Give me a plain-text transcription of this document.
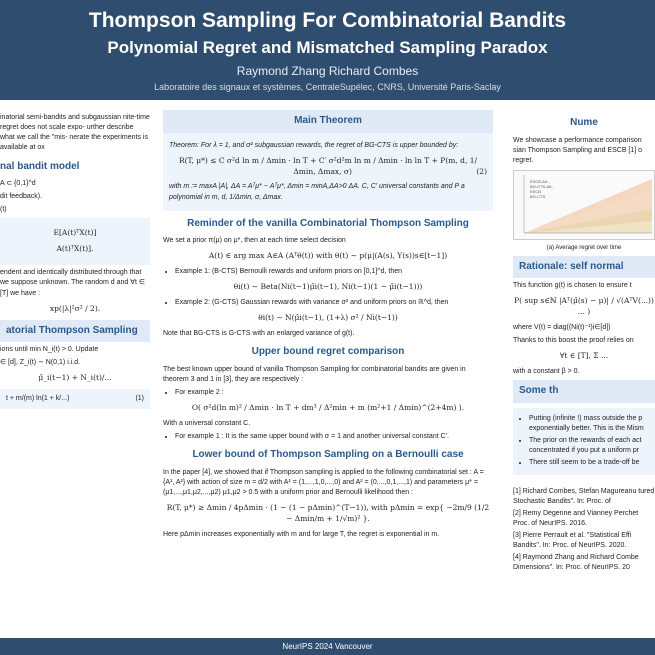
Thompson Sampling For Combinatorial Bandits
Polynomial Regret and Mismatched Sampling Paradox
Raymond Zhang Richard Combes
Laboratoire des signaux et systèmes, CentraleSupélec, CNRS, Université Paris-Saclay
inatorial semi-bandits and subgaussian nite-time regret does not scale expo- urther describe what we call the "mis- nerate the experiments is available at ox
nal bandit model
A ⊂ {0,1}^d
dit feedback).
(t)
E[A(t)ᵀX(t)]
A(t)ᵀX(t)].
endent and identically distributed through that we suppose unknown. The random d and ∀t ∈ [T] we have :
xp(|λ|²σ² / 2).
atorial Thompson Sampling
ions until min N_i(t) > 0. Update
∈ [d], Z_i(t) ∼ N(0,1) i.i.d.
μ̂_i(t−1) + N_i(t)/...
t + m/(m) ln(1 + k/...)	(1)
Main Theorem
Theorem: For λ = 1, and σ² subgaussian rewards, the regret of BG-CTS is upper bounded by:
R(T, μ*) ≤ C σ²d ln m / Δmin · ln T + C′ σ²d²m ln m / Δmin · ln ln T + P(m, d, 1/Δmin, Δmax, σ)	(2)
with m := maxA |A|, ΔA = Aᵀμ* − Aᵀμ*, Δmin = minA,ΔA>0 ΔA. C, C′ universal constants and P a polynomial in m, d, 1/Δmin, σ, Δmax.
Reminder of the vanilla Combinatorial Thompson Sampling
We set a prior π(μ) on μ*, then at each time select decision
A(t) ∈ arg max A∈A (Aᵀθ(t)) with θ(t) ∼ p(μ|(A(s), Y(s))s∈[t−1])
• Example 1: (B-CTS) Bernoulli rewards and uniform priors on [0,1]^d, then
θi(t) ∼ Beta(Ni(t−1)μ̂i(t−1), Ni(t−1)(1 − μ̂i(t−1)))
• Example 2: (G-CTS) Gaussian rewards with variance σ² and uniform priors on ℝ^d, then
θi(t) ∼ N(μ̂i(t−1), (1+λ) σ² / Ni(t−1))
Note that BG-CTS is G-CTS with an enlarged variance of g(t).
Upper bound regret comparison
The best known upper bound of vanilla Thompson Sampling for combinatorial bandits are given in theorem 3 and 1 in [3], they are respectively :
• For example 2 :
O( σ²d(ln m)² / Δmin · ln T + dm³ / Δ²min + m (m²+1 / Δmin)^(2+4m) ).
With a universal constant C.
• For example 1 : It is the same upper bound with σ = 1 and another universal constant C′.
Lower bound of Thompson Sampling on a Bernoulli case
In the paper [4], we showed that if Thompson sampling is applied to the following combinatorial set : A = {A¹, A²} with action of size m = d/2 with A¹ = (1,...,1,0,...,0) and A² = (0,...,0,1,...,1) and parameters μ* = (μ1,...,μ1,μ2,...,μ2) μ1,μ2 > 0.5 with a uniform prior and Bernoulli likelihood then :
R(T, μ*) ≥ Δmin / 4pΔmin · (1 − (1 − pΔmin)^(T−1)), with pΔmin = exp{ −2m/9 (1/2 − Δmin/m + 1/√m)² }.
Here pΔmin increases exponentially with m and for large T, the regret is exponential in m.
Nume
We showcase a performance comparison sian Thompson Sampling and ESCB [1] o regret.
ESCB-Alt...
BG-CTS-Alt...
ESCB
BG-CTS
(a) Average regret over time
Rationale: self normal
This function g(t) is chosen to ensure t
P( sup s∈ℕ |Aᵀ(μ̂(s) − μ)| / √(AᵀV(...)) ... )
where V(t) = diag((Ni(t)⁻¹)i∈[d])
Thanks to this boost the proof relies on
∀t ∈ [T], Σ ...
with a constant β > 0.
Some th
• Putting (infinite !) mass outside the p exponentially better. This is the Mism
• The prior on the rewards of each act concentrated if you put a uniform pr
• There still seem to be a trade-off be
[1] Richard Combes, Stefan Magureanu tured Stochastic Bandits". In: Proc. of
[2] Remy Degenne and Vianney Perchet Proc. of NeurIPS. 2016.
[3] Pierre Perrault et al. "Statistical Effi Bandits". In: Proc. of NeurIPS. 2020.
[4] Raymond Zhang and Richard Combe Dimensions". In: Proc. of NeurIPS. 20
NeurIPS 2024 Vancouver
